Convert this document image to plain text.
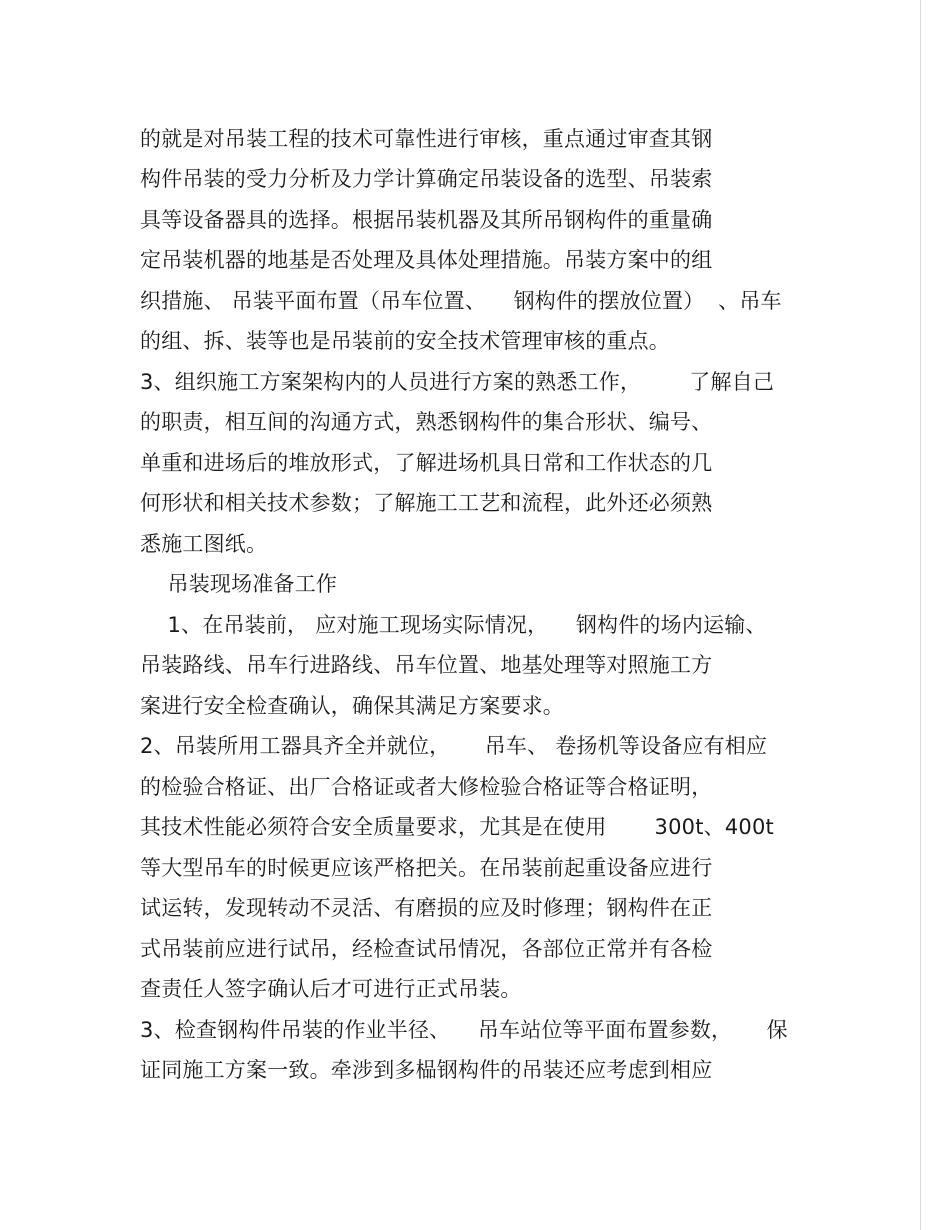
的就是对吊装工程的技术可靠性进行审核，重点通过审查其钢
构件吊装的受力分析及力学计算确定吊装设备的选型、吊装索
具等设备器具的选择。根据吊装机器及其所吊钢构件的重量确
定吊装机器的地基是否处理及具体处理措施。吊装方案中的组
织措施、 吊装平面布置（吊车位置、    钢构件的摆放位置）  、吊车
的组、拆、装等也是吊装前的安全技术管理审核的重点。
3、组织施工方案架构内的人员进行方案的熟悉工作，       了解自己
的职责，相互间的沟通方式，熟悉钢构件的集合形状、编号、
单重和进场后的堆放形式，了解进场机具日常和工作状态的几
何形状和相关技术参数；了解施工工艺和流程，此外还必须熟
悉施工图纸。
吊装现场准备工作
1、在吊装前， 应对施工现场实际情况，    钢构件的场内运输、
吊装路线、吊车行进路线、吊车位置、地基处理等对照施工方
案进行安全检查确认，确保其满足方案要求。
2、吊装所用工器具齐全并就位，     吊车、 卷扬机等设备应有相应
的检验合格证、出厂合格证或者大修检验合格证等合格证明，
其技术性能必须符合安全质量要求，尤其是在使用       300t、400t
等大型吊车的时候更应该严格把关。在吊装前起重设备应进行
试运转，发现转动不灵活、有磨损的应及时修理；钢构件在正
式吊装前应进行试吊，经检查试吊情况，各部位正常并有各检
查责任人签字确认后才可进行正式吊装。
3、检查钢构件吊装的作业半径、    吊车站位等平面布置参数，     保
证同施工方案一致。牵涉到多榀钢构件的吊装还应考虑到相应
